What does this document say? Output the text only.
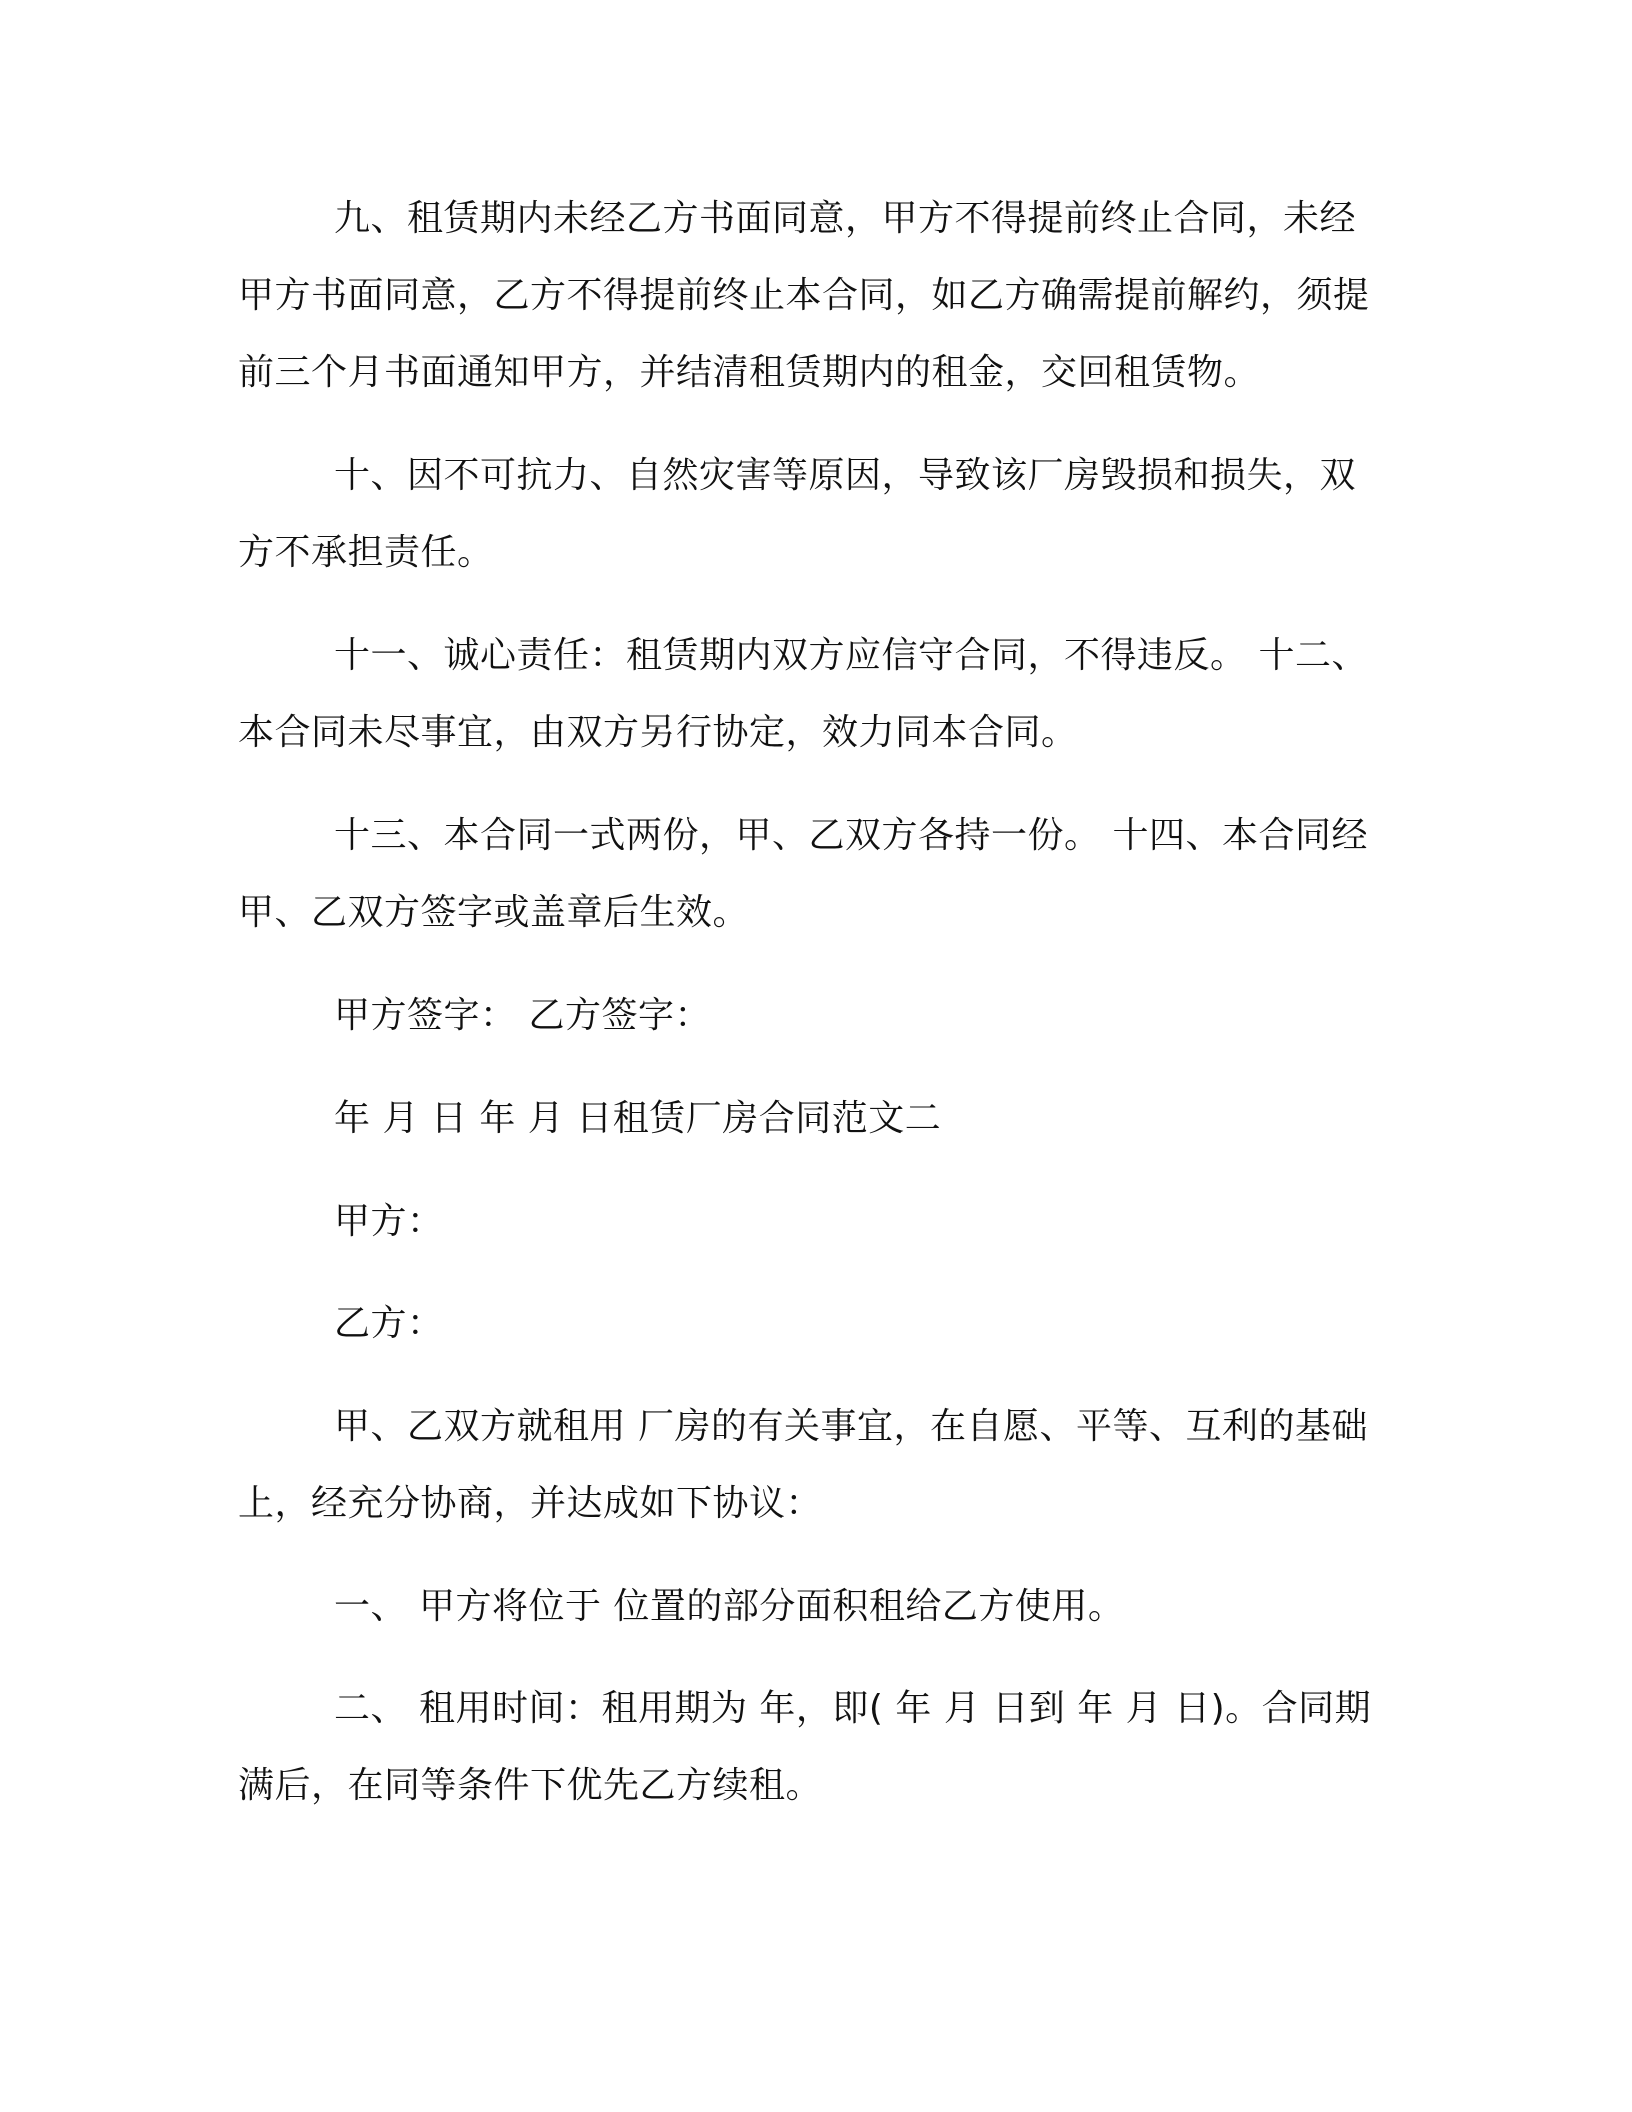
九、租赁期内未经乙方书面同意，甲方不得提前终止合同，未经甲方书面同意，乙方不得提前终止本合同，如乙方确需提前解约，须提前三个月书面通知甲方，并结清租赁期内的租金，交回租赁物。

十、因不可抗力、自然灾害等原因，导致该厂房毁损和损失，双方不承担责任。

十一、诚心责任：租赁期内双方应信守合同，不得违反。 十二、本合同未尽事宜，由双方另行协定，效力同本合同。

十三、本合同一式两份，甲、乙双方各持一份。 十四、本合同经甲、乙双方签字或盖章后生效。

甲方签字： 乙方签字：

年 月 日 年 月 日租赁厂房合同范文二

甲方：

乙方：

甲、乙双方就租用 厂房的有关事宜，在自愿、平等、互利的基础上，经充分协商，并达成如下协议：

一、 甲方将位于 位置的部分面积租给乙方使用。

二、 租用时间：租用期为 年，即( 年 月 日到 年 月 日)。合同期满后，在同等条件下优先乙方续租。
